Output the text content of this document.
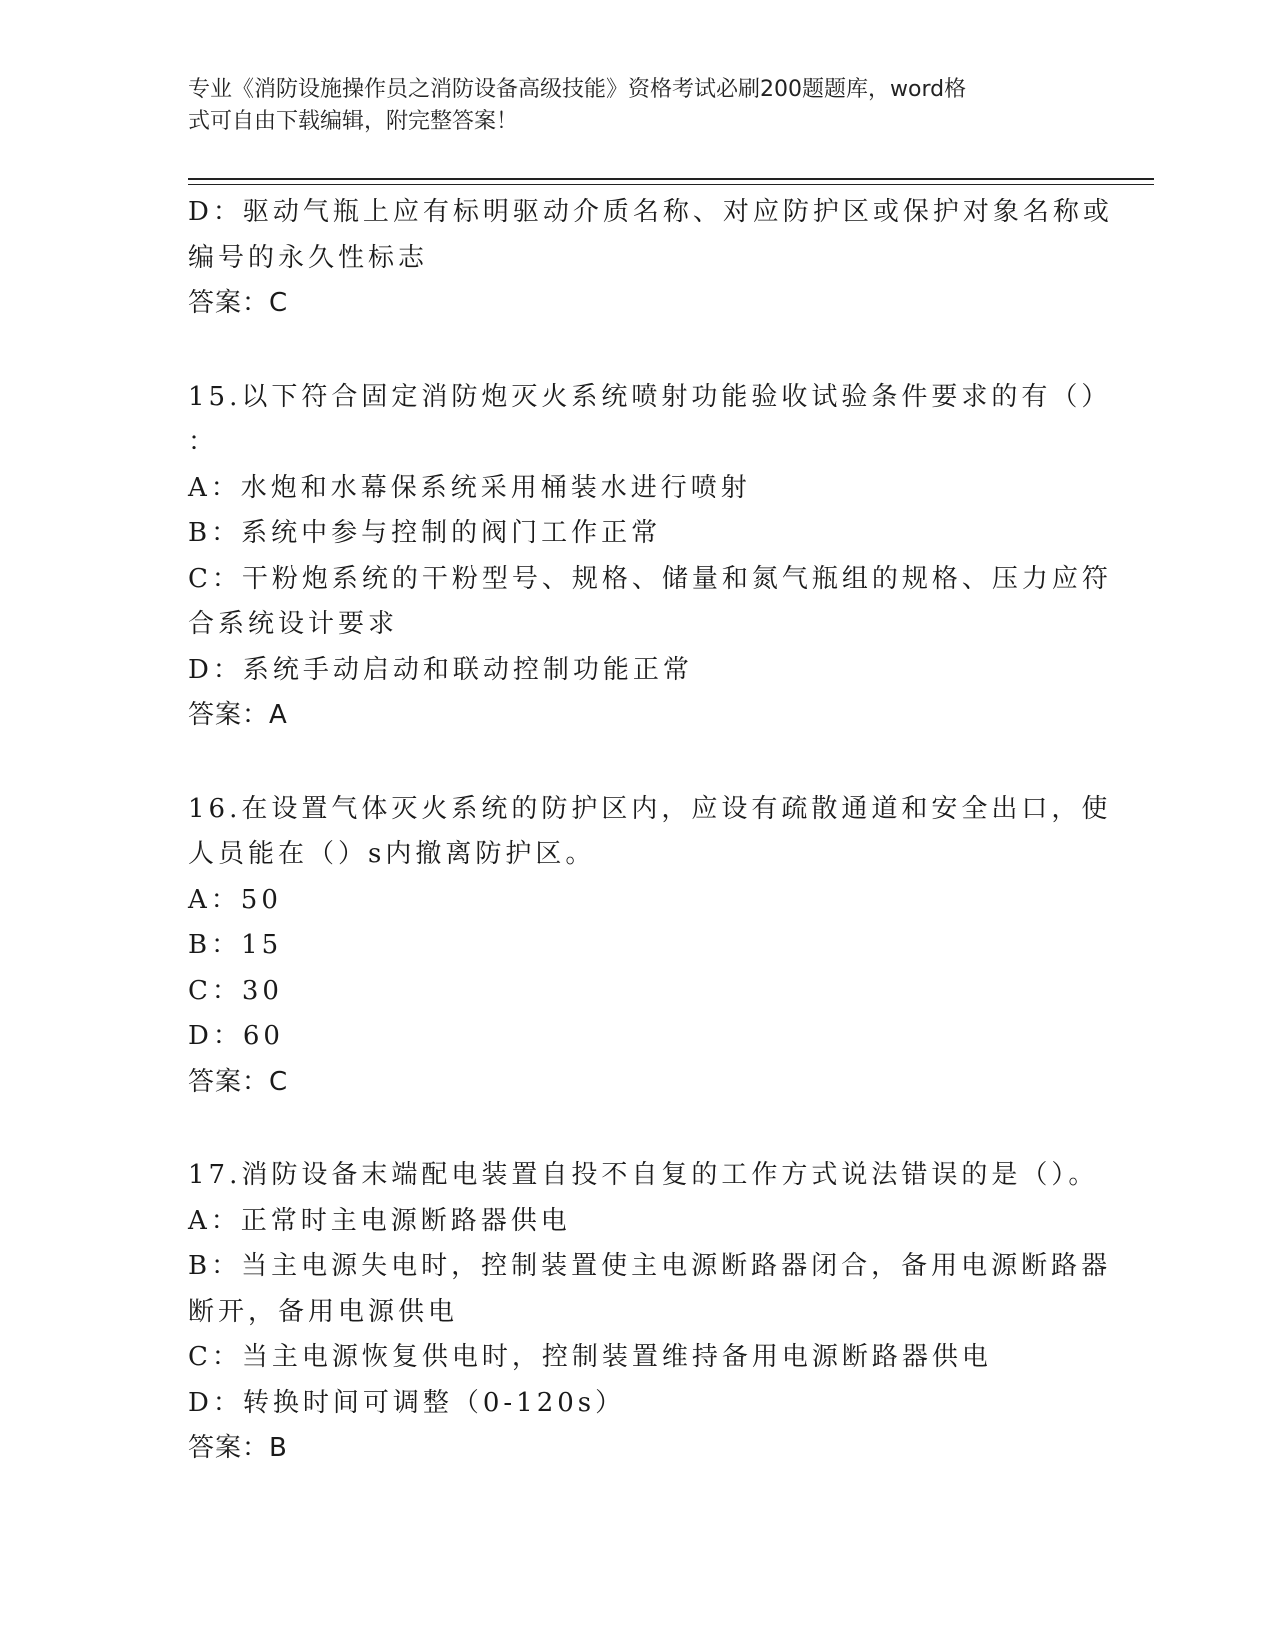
专业《消防设施操作员之消防设备高级技能》资格考试必刷200题题库，word格
式可自由下载编辑，附完整答案！
D：驱动气瓶上应有标明驱动介质名称、对应防护区或保护对象名称或
编号的永久性标志
答案：C
15.以下符合固定消防炮灭火系统喷射功能验收试验条件要求的有（）
：
A：水炮和水幕保系统采用桶装水进行喷射
B：系统中参与控制的阀门工作正常
C：干粉炮系统的干粉型号、规格、储量和氮气瓶组的规格、压力应符
合系统设计要求
D：系统手动启动和联动控制功能正常
答案：A
16.在设置气体灭火系统的防护区内，应设有疏散通道和安全出口，使
人员能在（）s内撤离防护区。
A：50
B：15
C：30
D：60
答案：C
17.消防设备末端配电装置自投不自复的工作方式说法错误的是（）。
A：正常时主电源断路器供电
B：当主电源失电时，控制装置使主电源断路器闭合，备用电源断路器
断开，备用电源供电
C：当主电源恢复供电时，控制装置维持备用电源断路器供电
D：转换时间可调整（0-120s）
答案：B
